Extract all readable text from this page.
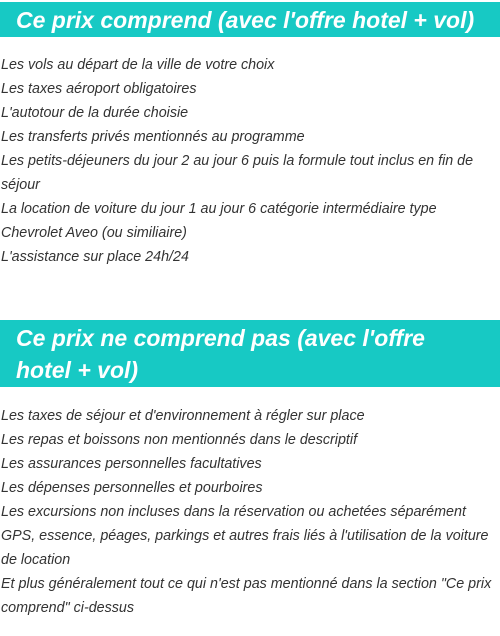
Ce prix comprend (avec l'offre hotel + vol)
Les vols au départ de la ville de votre choix
Les taxes aéroport obligatoires
L'autotour de la durée choisie
Les transferts privés mentionnés au programme
Les petits-déjeuners du jour 2 au jour 6 puis la formule tout inclus en fin de séjour
La location de voiture du jour 1 au jour 6 catégorie intermédiaire type Chevrolet Aveo (ou similiaire)
L'assistance sur place 24h/24
Ce prix ne comprend pas (avec l'offre hotel + vol)
Les taxes de séjour et d'environnement à régler sur place
Les repas et boissons non mentionnés dans le descriptif
Les assurances personnelles facultatives
Les dépenses personnelles et pourboires
Les excursions non incluses dans la réservation ou achetées séparément
GPS, essence, péages, parkings et autres frais liés à l'utilisation de la voiture de location
Et plus généralement tout ce qui n'est pas mentionné dans la section "Ce prix comprend" ci-dessus
